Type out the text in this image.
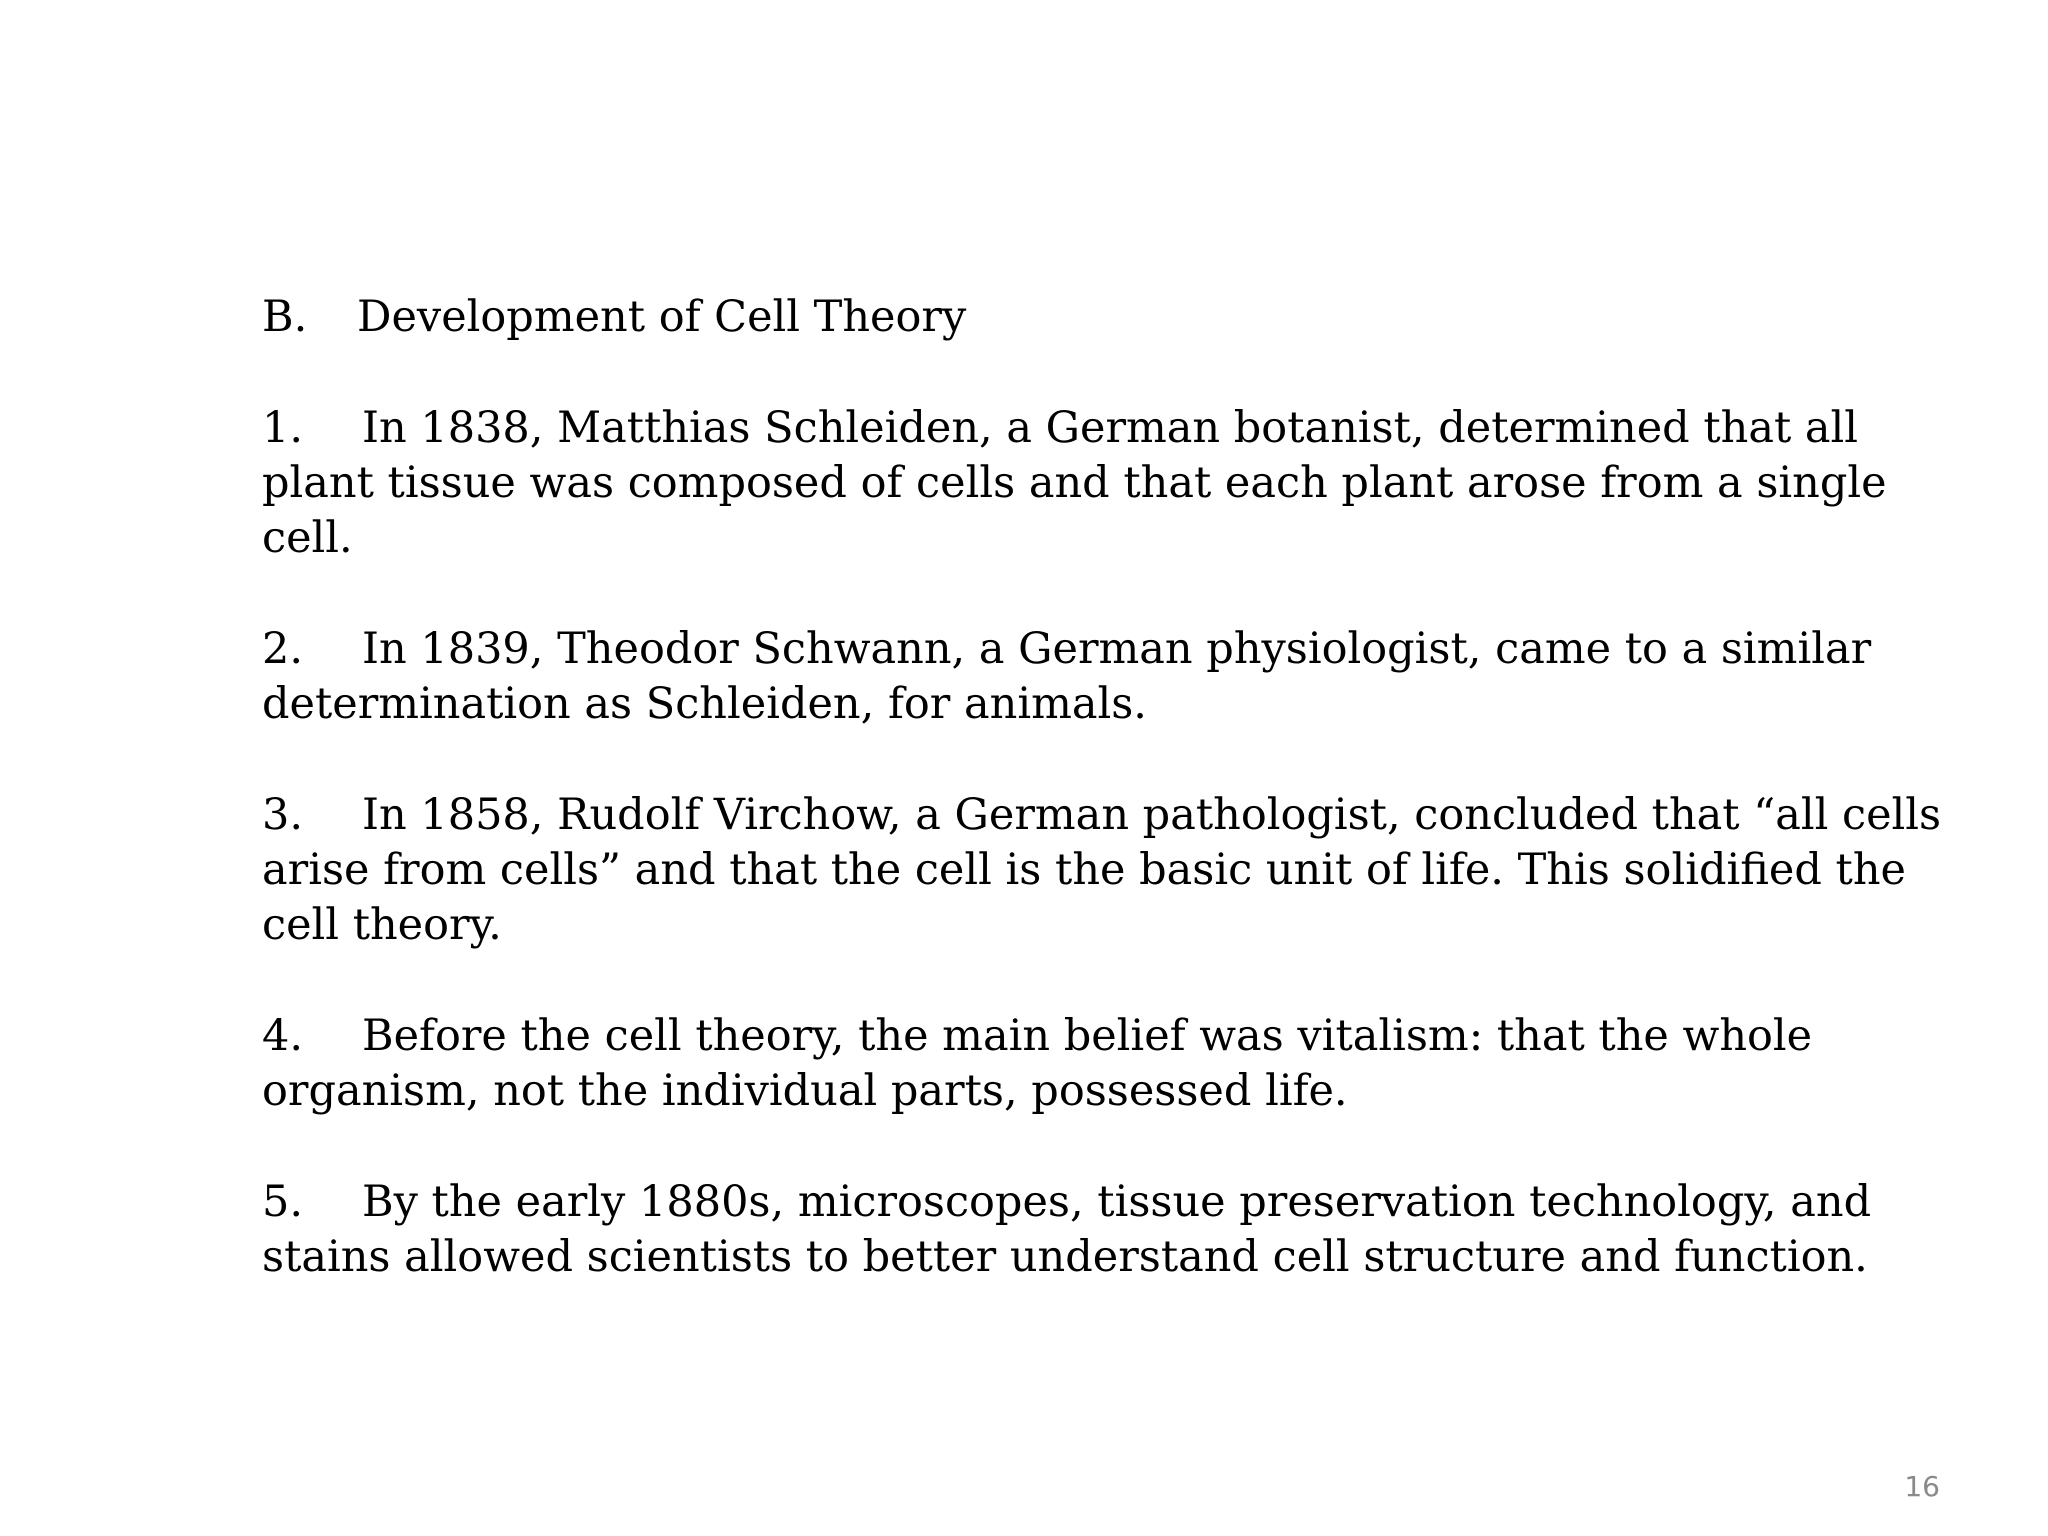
B. Development of Cell Theory
1. In 1838, Matthias Schleiden, a German botanist, determined that all plant tissue was composed of cells and that each plant arose from a single cell.
2. In 1839, Theodor Schwann, a German physiologist, came to a similar determination as Schleiden, for animals.
3. In 1858, Rudolf Virchow, a German pathologist, concluded that “all cells arise from cells” and that the cell is the basic unit of life. This solidified the cell theory.
4. Before the cell theory, the main belief was vitalism: that the whole organism, not the individual parts, possessed life.
5. By the early 1880s, microscopes, tissue preservation technology, and stains allowed scientists to better understand cell structure and function.
16
